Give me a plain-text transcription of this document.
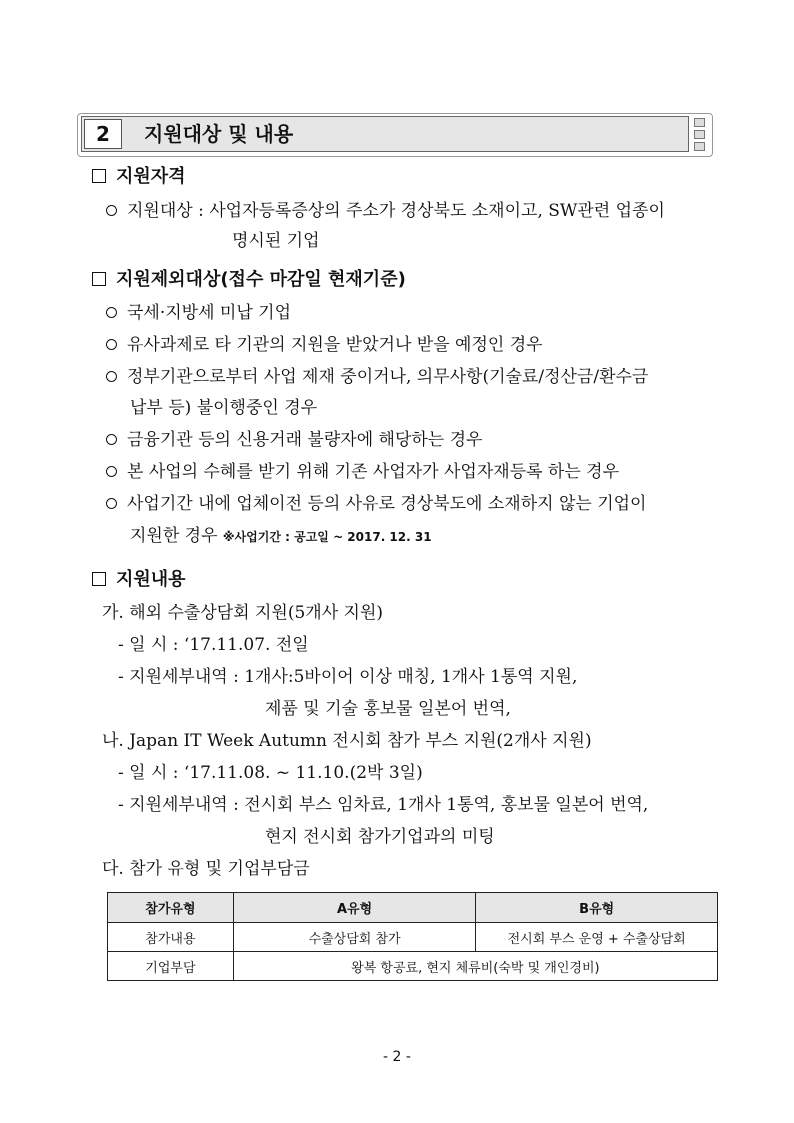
2	지원대상 및 내용
지원자격
지원대상 : 사업자등록증상의 주소가 경상북도 소재이고, SW관련 업종이
명시된 기업
지원제외대상(접수 마감일 현재기준)
국세·지방세 미납 기업
유사과제로 타 기관의 지원을 받았거나 받을 예정인 경우
정부기관으로부터 사업 제재 중이거나, 의무사항(기술료/정산금/환수금
납부 등) 불이행중인 경우
금융기관 등의 신용거래 불량자에 해당하는 경우
본 사업의 수혜를 받기 위해 기존 사업자가 사업자재등록 하는 경우
사업기간 내에 업체이전 등의 사유로 경상북도에 소재하지 않는 기업이
지원한 경우 ※사업기간 : 공고일 ~ 2017. 12. 31
지원내용
가. 해외 수출상담회 지원(5개사 지원)
- 일 시 : ‘17.11.07. 전일
- 지원세부내역 : 1개사:5바이어 이상 매칭, 1개사 1통역 지원,
제품 및 기술 홍보물 일본어 번역,
나. Japan IT Week Autumn 전시회 참가 부스 지원(2개사 지원)
- 일 시 : ‘17.11.08. ~ 11.10.(2박 3일)
- 지원세부내역 : 전시회 부스 임차료, 1개사 1통역, 홍보물 일본어 번역,
현지 전시회 참가기업과의 미팅
다. 참가 유형 및 기업부담금
참가유형	A유형	B유형
참가내용	수출상담회 참가	전시회 부스 운영 + 수출상담회
기업부담	왕복 항공료, 현지 체류비(숙박 및 개인경비)	
- 2 -
